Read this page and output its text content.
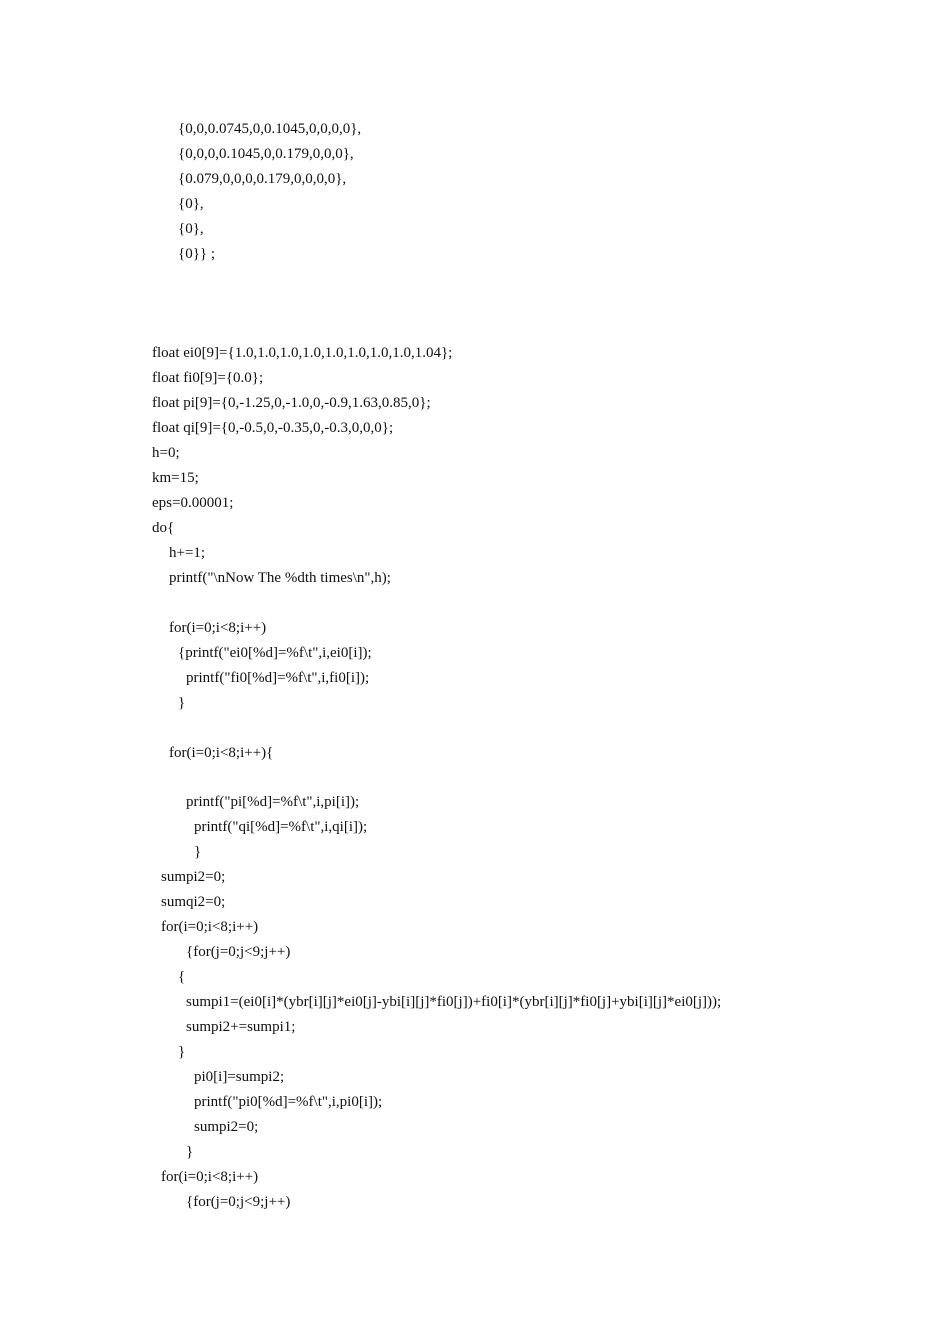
{0,0,0.0745,0,0.1045,0,0,0,0},
{0,0,0,0.1045,0,0.179,0,0,0},
{0.079,0,0,0,0.179,0,0,0,0},
{0},
{0},
{0}} ;
float ei0[9]={1.0,1.0,1.0,1.0,1.0,1.0,1.0,1.0,1.04};
float fi0[9]={0.0};
float pi[9]={0,-1.25,0,-1.0,0,-0.9,1.63,0.85,0};
float qi[9]={0,-0.5,0,-0.35,0,-0.3,0,0,0};
h=0;
km=15;
eps=0.00001;
do{
h+=1;
printf("\nNow The %dth times\n",h);
for(i=0;i<8;i++)
{printf("ei0[%d]=%f\t",i,ei0[i]);
printf("fi0[%d]=%f\t",i,fi0[i]);
}
for(i=0;i<8;i++){
printf("pi[%d]=%f\t",i,pi[i]);
printf("qi[%d]=%f\t",i,qi[i]);
}
sumpi2=0;
sumqi2=0;
for(i=0;i<8;i++)
{for(j=0;j<9;j++)
{
sumpi1=(ei0[i]*(ybr[i][j]*ei0[j]-ybi[i][j]*fi0[j])+fi0[i]*(ybr[i][j]*fi0[j]+ybi[i][j]*ei0[j]));
sumpi2+=sumpi1;
}
pi0[i]=sumpi2;
printf("pi0[%d]=%f\t",i,pi0[i]);
sumpi2=0;
}
for(i=0;i<8;i++)
{for(j=0;j<9;j++)
